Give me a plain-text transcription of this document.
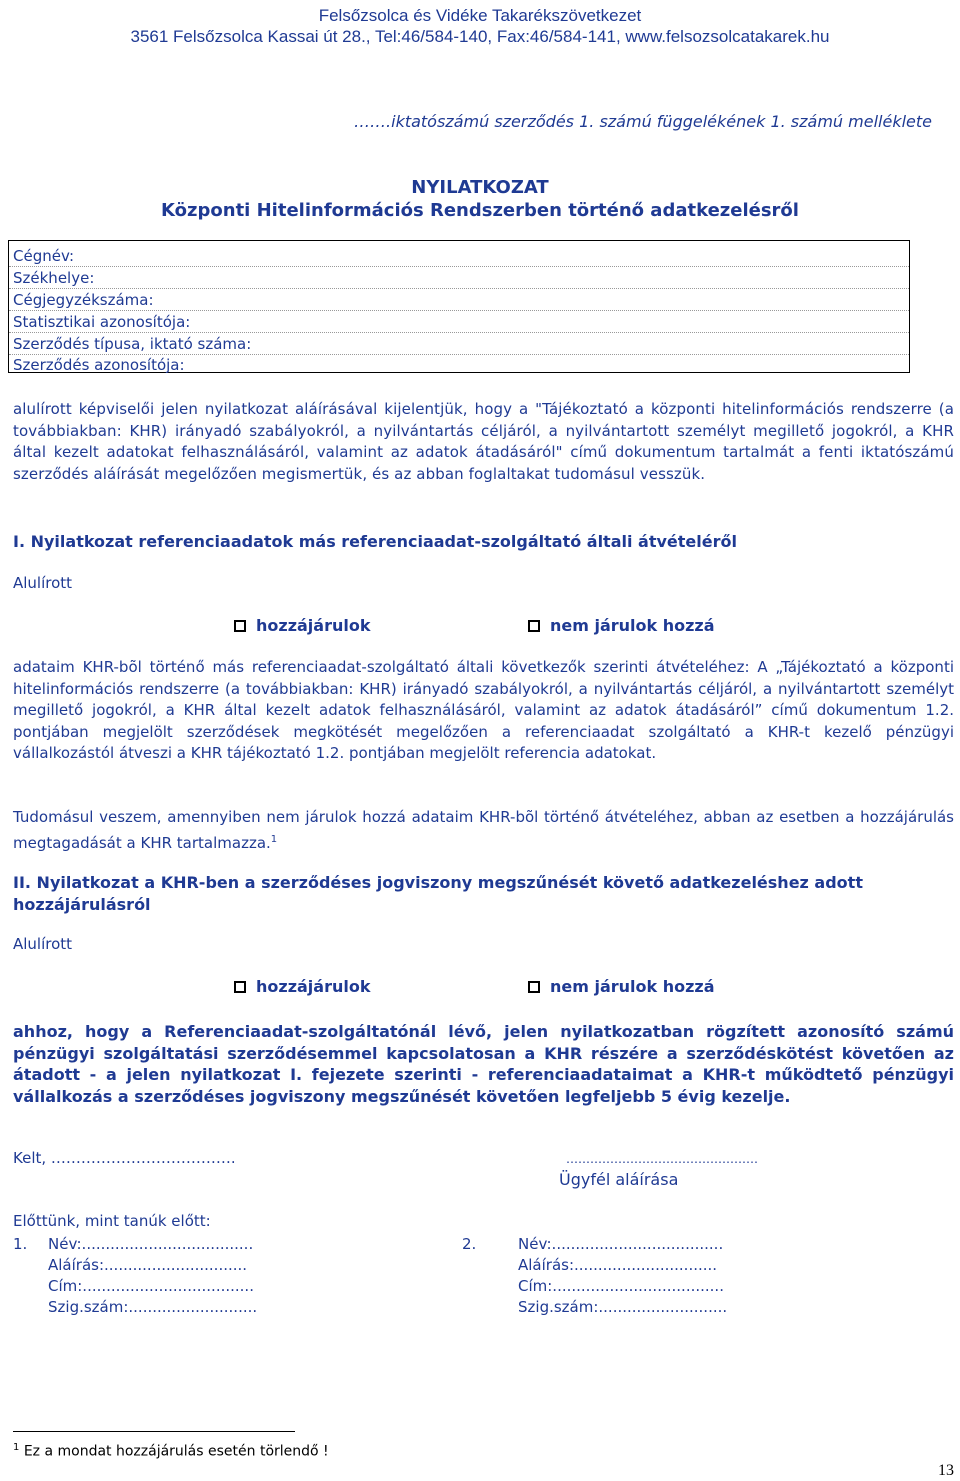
Felsőzsolca és Vidéke Takarékszövetkezet
3561 Felsőzsolca Kassai út 28., Tel:46/584-140, Fax:46/584-141, www.felsozsolcatakarek.hu
…….iktatószámú szerződés 1. számú függelékének 1. számú melléklete
NYILATKOZAT
Központi Hitelinformációs Rendszerben történő adatkezelésről
Cégnév:
Székhelye:
Cégjegyzékszáma:
Statisztikai azonosítója:
Szerződés típusa, iktató száma:
Szerződés azonosítója:
alulírott képviselői jelen nyilatkozat aláírásával kijelentjük, hogy a "Tájékoztató a központi hitelinformációs rendszerre (a továbbiakban: KHR) irányadó szabályokról, a nyilvántartás céljáról, a nyilvántartott személyt megillető jogokról, a KHR által kezelt adatokat felhasználásáról, valamint az adatok átadásáról" című dokumentum tartalmát a fenti iktatószámú szerződés aláírását megelőzően megismertük, és az abban foglaltakat tudomásul vesszük.
I. Nyilatkozat referenciaadatok más referenciaadat-szolgáltató általi átvételéről
Alulírott
hozzájárulok	nem járulok hozzá
adataim KHR-bõl történő más referenciaadat-szolgáltató általi következők szerinti átvételéhez: A „Tájékoztató a központi hitelinformációs rendszerre (a továbbiakban: KHR) irányadó szabályokról, a nyilvántartás céljáról, a nyilvántartott személyt megillető jogokról, a KHR által kezelt adatok felhasználásáról, valamint az adatok átadásáról” című dokumentum 1.2. pontjában megjelölt szerződések megkötését megelőzően a referenciaadat szolgáltató a KHR-t kezelő pénzügyi vállalkozástól átveszi a KHR tájékoztató 1.2. pontjában megjelölt referencia adatokat.
Tudomásul veszem, amennyiben nem járulok hozzá adataim KHR-bõl történő átvételéhez, abban az esetben a hozzájárulás megtagadását a KHR tartalmazza.$^1$
II. Nyilatkozat a KHR-ben a szerződéses jogviszony megszűnését követő adatkezeléshez adott hozzájárulásról
Alulírott
hozzájárulok	nem járulok hozzá
ahhoz, hogy a Referenciaadat-szolgáltatónál lévő, jelen nyilatkozatban rögzített azonosító számú pénzügyi szolgáltatási szerződésemmel kapcsolatosan a KHR részére a szerződéskötést követően az átadott - a jelen nyilatkozat I. fejezete szerinti - referenciaadataimat a KHR-t működtető pénzügyi vállalkozás a szerződéses jogviszony megszűnését követően legfeljebb 5 évig kezelje.
Kelt, ……………………………….	…………………………………………
Ügyfél aláírása
Előttünk, mint tanúk előtt:
1. Név:....................................
Aláírás:..............................
Cím:....................................
Szig.szám:...........................
2.	Név:....................................
Aláírás:..............................
Cím:....................................
Szig.szám:...........................
$^1$ Ez a mondat hozzájárulás esetén törlendő !
13
